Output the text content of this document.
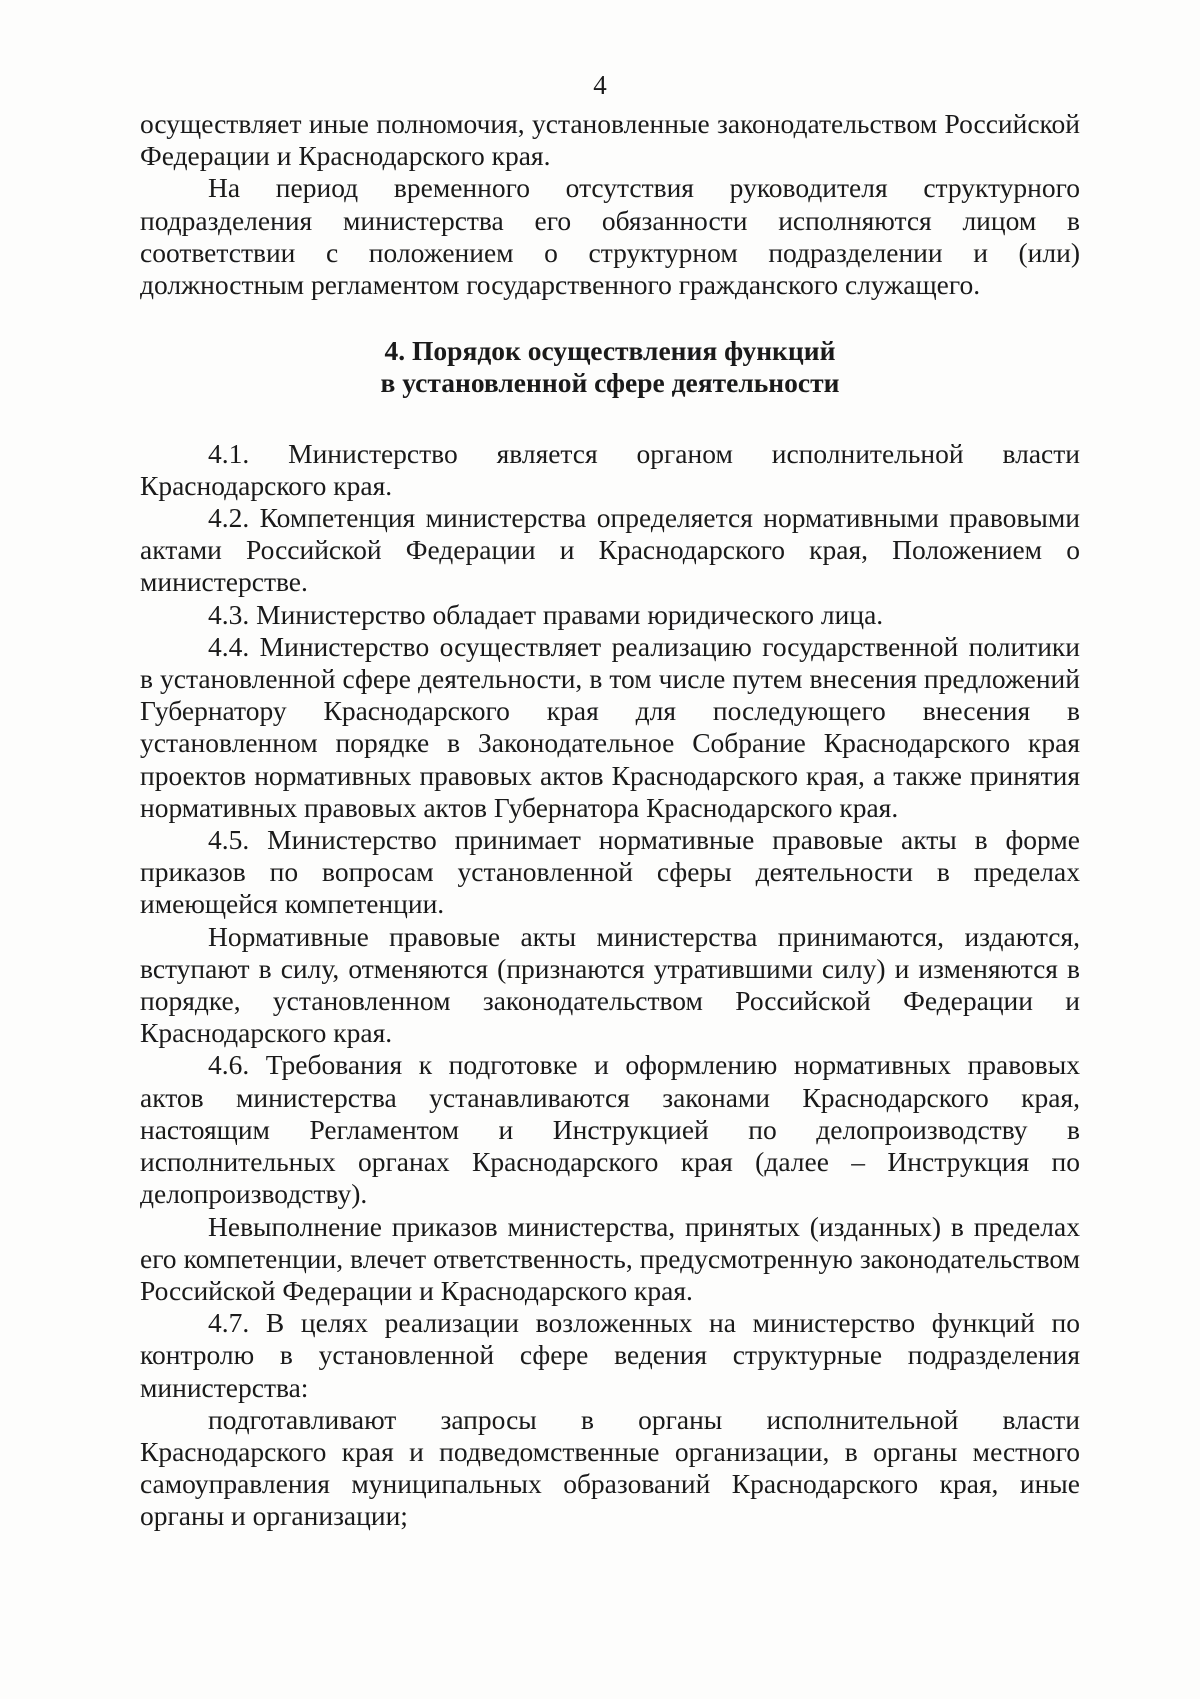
4

осуществляет иные полномочия, установленные законодательством Российской Федерации и Краснодарского края.

На период временного отсутствия руководителя структурного подразделения министерства его обязанности исполняются лицом в соответствии с положением о структурном подразделении и (или) должностным регламентом государственного гражданского служащего.

4. Порядок осуществления функций
в установленной сфере деятельности

4.1. Министерство является органом исполнительной власти Краснодарского края.

4.2. Компетенция министерства определяется нормативными правовыми актами Российской Федерации и Краснодарского края, Положением о министерстве.

4.3. Министерство обладает правами юридического лица.

4.4. Министерство осуществляет реализацию государственной политики в установленной сфере деятельности, в том числе путем внесения предложений Губернатору Краснодарского края для последующего внесения в установленном порядке в Законодательное Собрание Краснодарского края проектов нормативных правовых актов Краснодарского края, а также принятия нормативных правовых актов Губернатора Краснодарского края.

4.5. Министерство принимает нормативные правовые акты в форме приказов по вопросам установленной сферы деятельности в пределах имеющейся компетенции.

Нормативные правовые акты министерства принимаются, издаются, вступают в силу, отменяются (признаются утратившими силу) и изменяются в порядке, установленном законодательством Российской Федерации и Краснодарского края.

4.6. Требования к подготовке и оформлению нормативных правовых актов министерства устанавливаются законами Краснодарского края, настоящим Регламентом и Инструкцией по делопроизводству в исполнительных органах Краснодарского края (далее – Инструкция по делопроизводству).

Невыполнение приказов министерства, принятых (изданных) в пределах его компетенции, влечет ответственность, предусмотренную законодательством Российской Федерации и Краснодарского края.

4.7. В целях реализации возложенных на министерство функций по контролю в установленной сфере ведения структурные подразделения министерства:

подготавливают запросы в органы исполнительной власти Краснодарского края и подведомственные организации, в органы местного самоуправления муниципальных образований Краснодарского края, иные органы и организации;
